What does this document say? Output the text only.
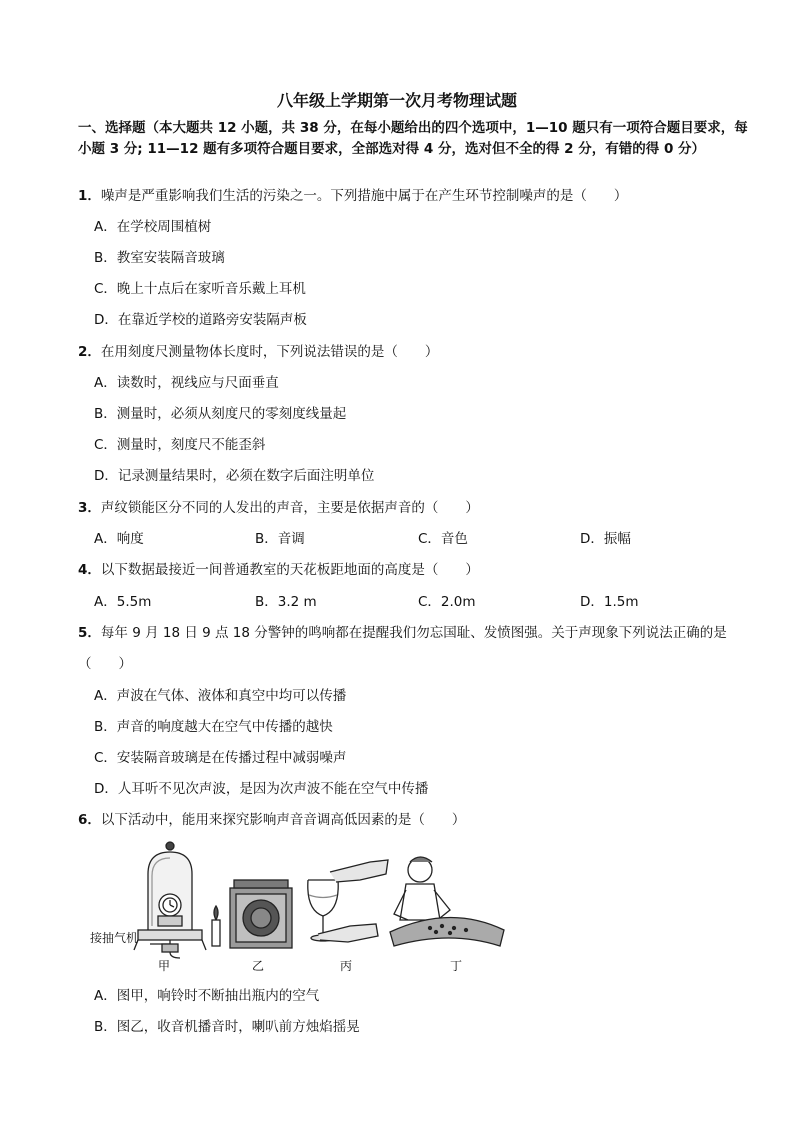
八年级上学期第一次月考物理试题
一、选择题（本大题共 12 小题，共 38 分，在每小题给出的四个选项中，1—10 题只有一项符合题目要求，每小题 3 分; 11—12 题有多项符合题目要求，全部选对得 4 分，选对但不全的得 2 分，有错的得 0 分）
1．噪声是严重影响我们生活的污染之一。下列措施中属于在产生环节控制噪声的是（　　）
A．在学校周围植树
B．教室安装隔音玻璃
C．晚上十点后在家听音乐戴上耳机
D．在靠近学校的道路旁安装隔声板
2．在用刻度尺测量物体长度时，下列说法错误的是（　　）
A．读数时，视线应与尺面垂直
B．测量时，必须从刻度尺的零刻度线量起
C．测量时，刻度尺不能歪斜
D．记录测量结果时，必须在数字后面注明单位
3．声纹锁能区分不同的人发出的声音，主要是依据声音的（　　）
A．响度	B．音调	C．音色	D．振幅
4．以下数据最接近一间普通教室的天花板距地面的高度是（　　）
A．5.5m	B．3.2 m	C．2.0m	D．1.5m
5．每年 9 月 18 日 9 点 18 分警钟的鸣响都在提醒我们勿忘国耻、发愤图强。关于声现象下列说法正确的是
（　　）
A．声波在气体、液体和真空中均可以传播
B．声音的响度越大在空气中传播的越快
C．安装隔音玻璃是在传播过程中减弱噪声
D．人耳听不见次声波，是因为次声波不能在空气中传播
6．以下活动中，能用来探究影响声音音调高低因素的是（　　）
接抽气机
甲	乙	丙	丁
A．图甲，响铃时不断抽出瓶内的空气
B．图乙，收音机播音时，喇叭前方烛焰摇晃
